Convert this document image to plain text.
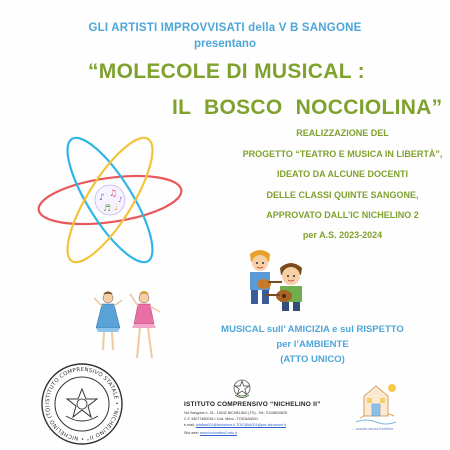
GLI ARTISTI IMPROVVISATI della V B SANGONE
presentano
“MOLECOLE DI MUSICAL :
IL BOSCO NOCCIOLINA”
♪ ♫
♬ ♩
♪
REALIZZAZIONE DEL
PROGETTO “TEATRO E MUSICA IN LIBERTÀ”,
IDEATO DA ALCUNE DOCENTI
DELLE CLASSI QUINTE SANGONE,
APPROVATO DALL’IC NICHELINO 2
per A.S. 2023-2024
MUSICAL sull’ AMICIZIA e sul RISPETTO
per l’AMBIENTE
(ATTO UNICO)
ISTITUTO COMPRENSIVO STATALE • “NICHELINO II” • NICHELINO (TO)	ISTITUTO COMPRENSIVO “NICHELINO II”
Via Sangone n. 34 - 10042 NICHELINO (TO) - Tel.: 011/6810625
C.F. 94077460018 • Cod. Mecc.: TOIC8AA001
e-mail: toic8aa001@istruzione.it TOIC8AA001@pec.istruzione.it
Sito web: www.icnichelino2.edu.it
... scuola senza frontiere
